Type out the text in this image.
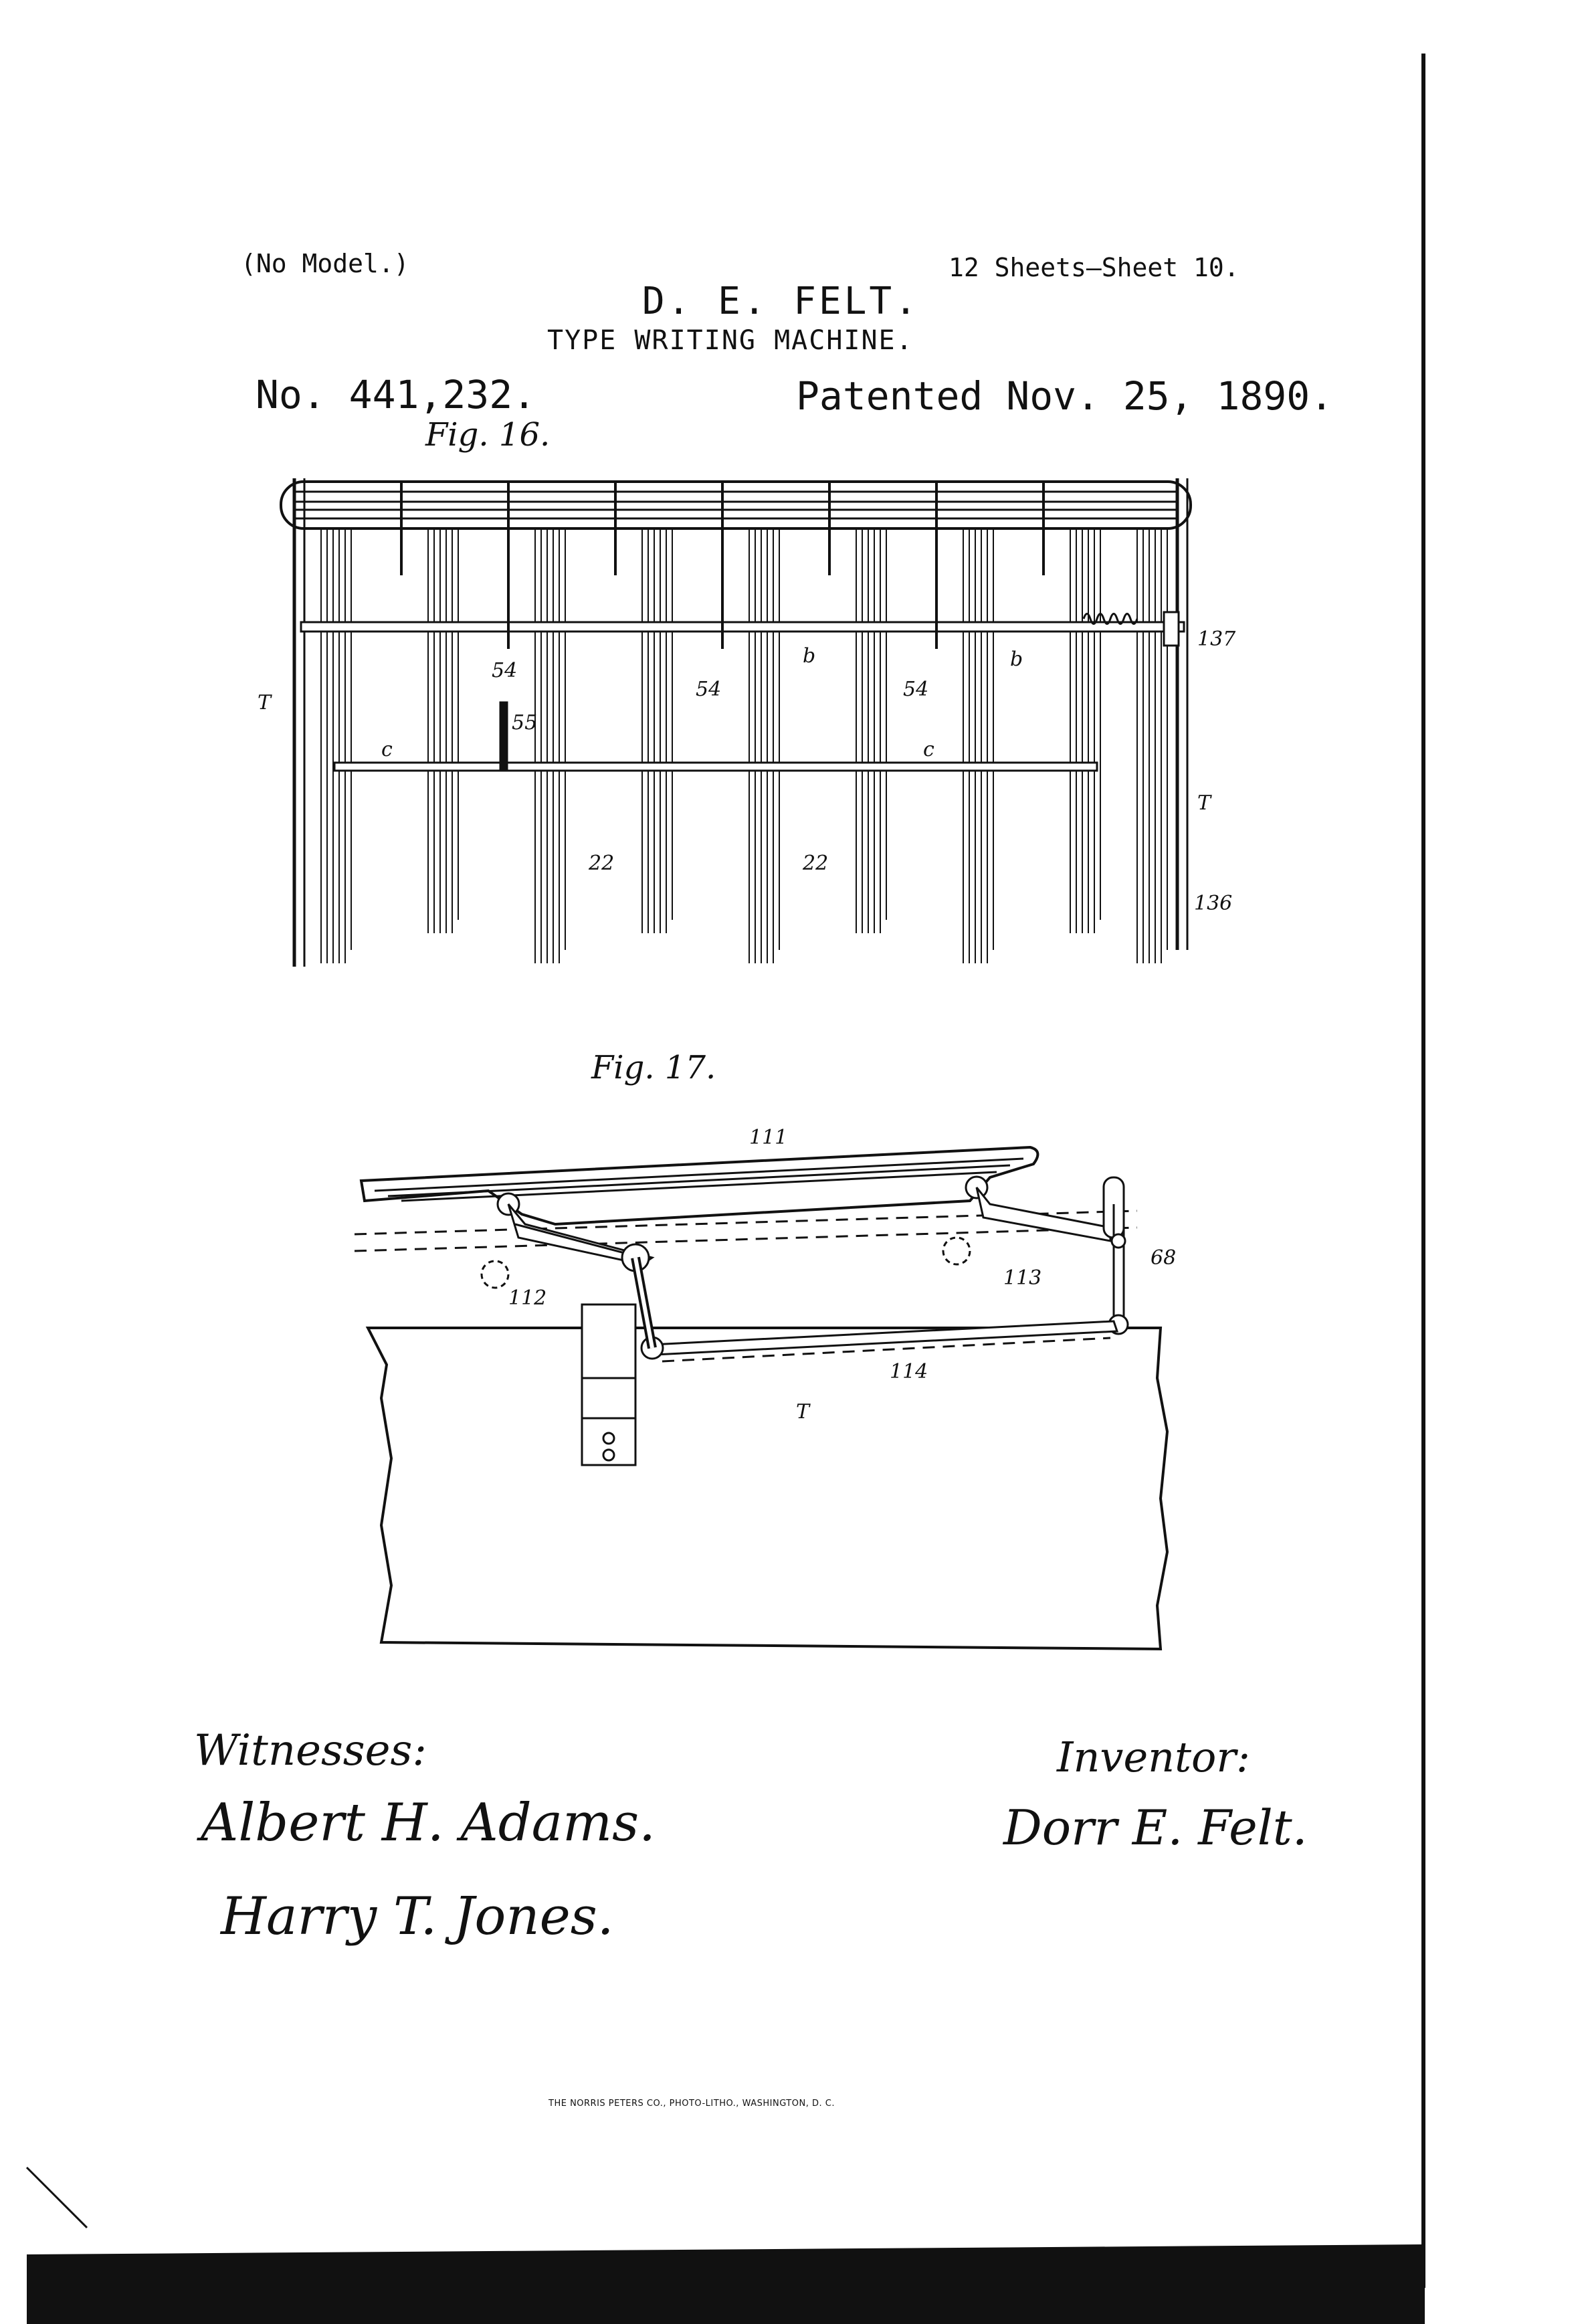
(No Model.)	12 Sheets—Sheet 10.
D. E. FELT.
TYPE WRITING MACHINE.
No. 441,232.	Patented Nov. 25, 1890.
Fig. 16.
Fig. 17.
137
b	b
T
54
54	54
55
c	c
T
22	22
136
111
68
113
112
114
T
Witnesses:
Albert H. Adams.
Harry T. Jones.
Inventor:
Dorr E. Felt.
THE NORRIS PETERS CO., PHOTO-LITHO., WASHINGTON, D. C.
